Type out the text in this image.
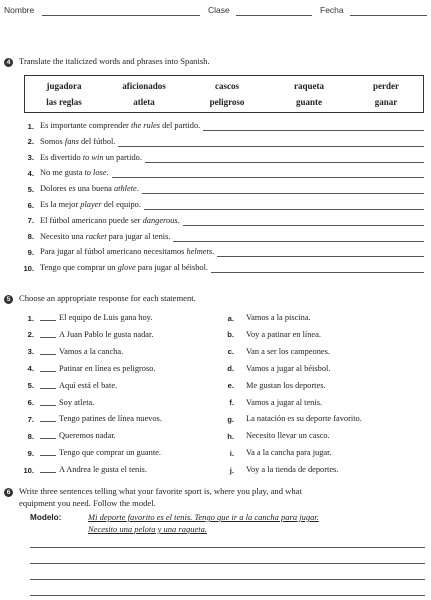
Nombre	Clase	Fecha
4 Translate the italicized words and phrases into Spanish.
jugadora	aficionados	cascos	raqueta	perder
las reglas	atleta	peligroso	guante	ganar
1. Es importante comprender the rules del partido.
2. Somos fans del fútbol.
3. Es divertido to win un partido.
4. No me gusta to lose.
5. Dolores es una buena athlete.
6. Es la mejor player del equipo.
7. El fútbol americano puede ser dangerous.
8. Necesito una racket para jugar al tenis.
9. Para jugar al fútbol americano necesitamos helmets.
10. Tengo que comprar un glove para jugar al béisbol.
5 Choose an appropriate response for each statement.
1.	El equipo de Luis gana hoy.	a. Vamos a la piscina.
2.	A Juan Pablo le gusta nadar.	b. Voy a patinar en línea.
3.	Vamos a la cancha.	c. Van a ser los campeones.
4.	Patinar en línea es peligroso.	d. Vamos a jugar al béisbol.
5.	Aquí está el bate.	e. Me gustan los deportes.
6.	Soy atleta.	f. Vamos a jugar al tenis.
7.	Tengo patines de línea nuevos.	g. La natación es su deporte favorito.
8.	Queremos nadar.	h. Necesito llevar un casco.
9.	Tengo que comprar un guante.	i. Va a la cancha para jugar.
10.	A Andrea le gusta el tenis.	j. Voy a la tienda de deportes.
6 Write three sentences telling what your favorite sport is, where you play, and what
equipment you need. Follow the model.
Modelo:	Mi deporte favorito es el tenis. Tengo que ir a la cancha para jugar.
Necesito una pelota y una raqueta.
